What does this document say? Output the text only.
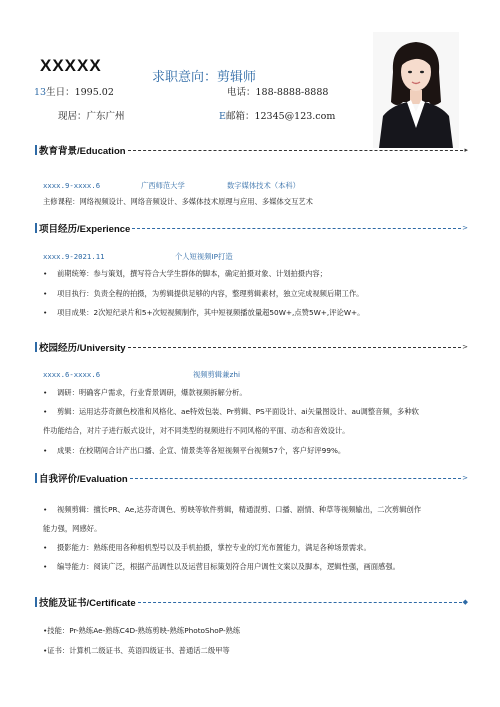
XXXXX
求职意向：剪辑师
13生日：1995.02	电话：188-8888-8888
现居：广东广州	E邮箱：12345@123.com
教育背景/Education	▸
xxxx.9-xxxx.6	广西师范大学	数字媒体技术（本科）
主修课程：网络视频设计、网络音频设计、多媒体技术原理与应用、多媒体交互艺术
项目经历/Experience	>
xxxx.9-2021.11	个人短视频IP打造
前期统筹：参与策划，撰写符合大学生群体的脚本，确定拍摄对象、计划拍摄内容；
项目执行：负责全程的拍摄，为剪辑提供足够的内容，整理剪辑素材，独立完成视频后期工作。
项目成果：2次短纪录片和5+次短视频制作，其中短视频播放量超50W+,点赞5W+,评论W+。
校园经历/University	>
xxxx.6-xxxx.6	视频剪辑兼zhi
调研：明确客户需求，行业背景调研，爆款视频拆解分析。
剪辑：运用达芬奇颜色校准和风格化、ae特效包装、Pr剪辑、PS平面设计、ai矢量图设计、au调整音频，多种软
件功能结合，对片子进行版式设计，对不同类型的视频进行不同风格的平面、动态和音效设计。
成果：在校期间合计产出口播、企宣、情景类等各短视频平台视频57个，客户好评99%。
自我评价/Evaluation	>
视频剪辑：擅长PR、Ae,达芬奇调色、剪映等软件剪辑，精通混剪、口播、剧情、种草等视频输出，二次剪辑创作
能力强，网感好。
摄影能力：熟练使用各种相机型号以及手机拍摄，掌控专业的灯光布置能力，满足各种场景需求。
编导能力：阅读广泛，根据产品调性以及运营目标策划符合用户调性文案以及脚本，逻辑性强，画面感强。
技能及证书/Certificate	◆
•技能：Pr-熟练Ae-熟练C4D-熟练剪映-熟练PhotoShoP-熟练
•证书：计算机二级证书、英语四级证书、普通话二级甲等
